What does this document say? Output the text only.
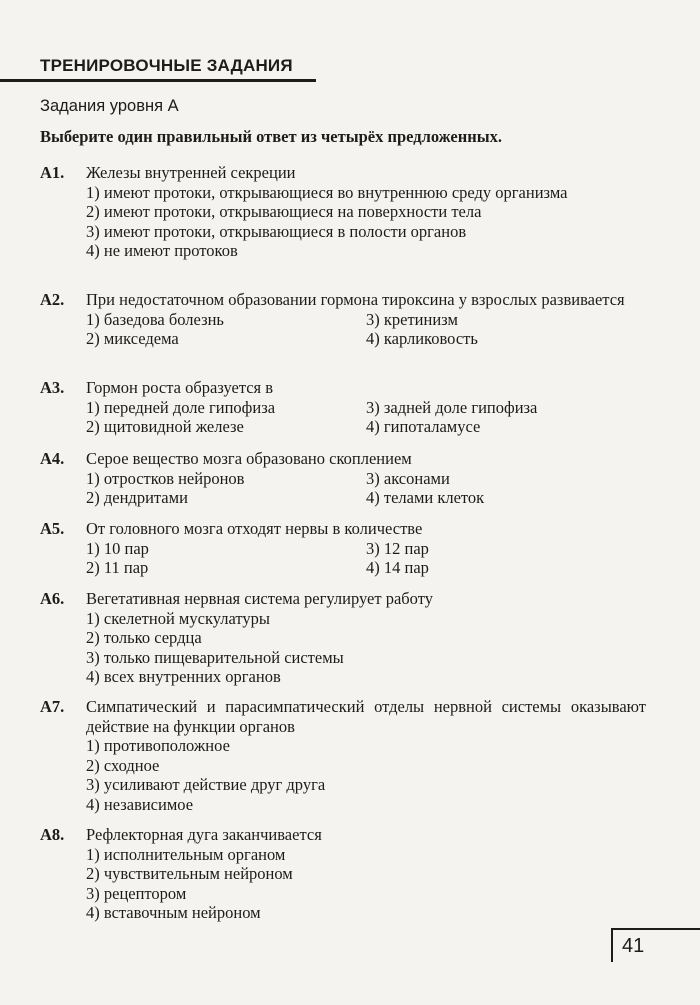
ТРЕНИРОВОЧНЫЕ ЗАДАНИЯ
Задания уровня А
Выберите один правильный ответ из четырёх предложенных.
А1.	Железы внутренней секреции
1) имеют протоки, открывающиеся во внутреннюю среду организма
2) имеют протоки, открывающиеся на поверхности тела
3) имеют протоки, открывающиеся в полости органов
4) не имеют протоков
А2.	При недостаточном образовании гормона тироксина у взрослых развивается
1) базедова болезнь	3) кретинизм
2) микседема	4) карликовость
А3.	Гормон роста образуется в
1) передней доле гипофиза	3) задней доле гипофиза
2) щитовидной железе	4) гипоталамусе
А4.	Серое вещество мозга образовано скоплением
1) отростков нейронов	3) аксонами
2) дендритами	4) телами клеток
А5.	От головного мозга отходят нервы в количестве
1) 10 пар	3) 12 пар
2) 11 пар	4) 14 пар
А6.	Вегетативная нервная система регулирует работу
1) скелетной мускулатуры
2) только сердца
3) только пищеварительной системы
4) всех внутренних органов
А7.	Симпатический и парасимпатический отделы нервной системы оказывают действие на функции органов
1) противоположное
2) сходное
3) усиливают действие друг друга
4) независимое
А8.	Рефлекторная дуга заканчивается
1) исполнительным органом
2) чувствительным нейроном
3) рецептором
4) вставочным нейроном
41
